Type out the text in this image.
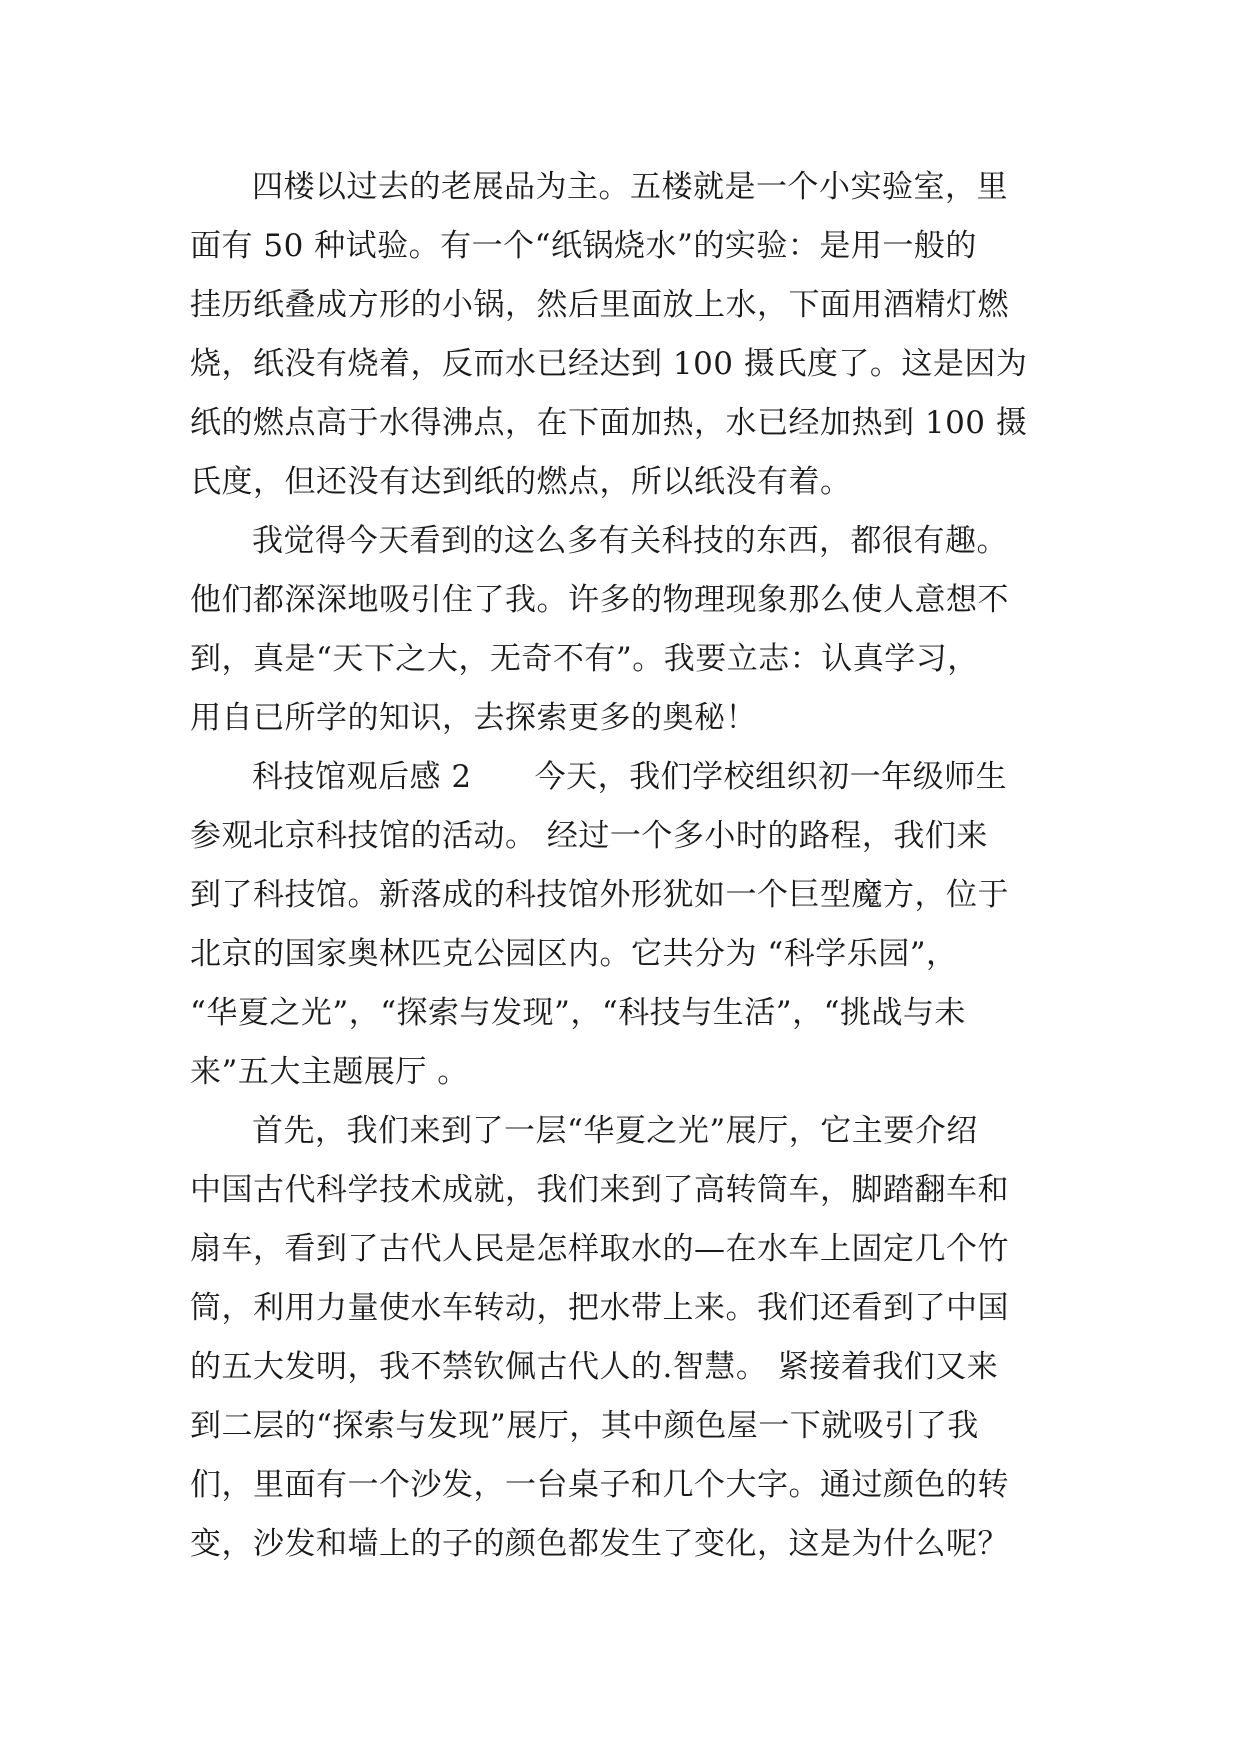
四楼以过去的老展品为主。五楼就是一个小实验室，里
面有 50 种试验。有一个“纸锅烧水”的实验：是用一般的
挂历纸叠成方形的小锅，然后里面放上水，下面用酒精灯燃
烧，纸没有烧着，反而水已经达到 100 摄氏度了。这是因为
纸的燃点高于水得沸点，在下面加热，水已经加热到 100 摄
氏度，但还没有达到纸的燃点，所以纸没有着。

我觉得今天看到的这么多有关科技的东西，都很有趣。
他们都深深地吸引住了我。许多的物理现象那么使人意想不
到，真是“天下之大，无奇不有”。我要立志：认真学习，
用自已所学的知识，去探索更多的奥秘！

科技馆观后感 2　　今天，我们学校组织初一年级师生
参观北京科技馆的活动。 经过一个多小时的路程，我们来
到了科技馆。新落成的科技馆外形犹如一个巨型魔方，位于
北京的国家奥林匹克公园区内。它共分为 “科学乐园”，
“华夏之光”，“探索与发现”，“科技与生活”，“挑战与未
来”五大主题展厅 。

首先，我们来到了一层“华夏之光”展厅，它主要介绍
中国古代科学技术成就，我们来到了高转筒车，脚踏翻车和
扇车，看到了古代人民是怎样取水的—在水车上固定几个竹
筒，利用力量使水车转动，把水带上来。我们还看到了中国
的五大发明，我不禁钦佩古代人的.智慧。 紧接着我们又来
到二层的“探索与发现”展厅，其中颜色屋一下就吸引了我
们，里面有一个沙发，一台桌子和几个大字。通过颜色的转
变，沙发和墙上的子的颜色都发生了变化，这是为什么呢？
